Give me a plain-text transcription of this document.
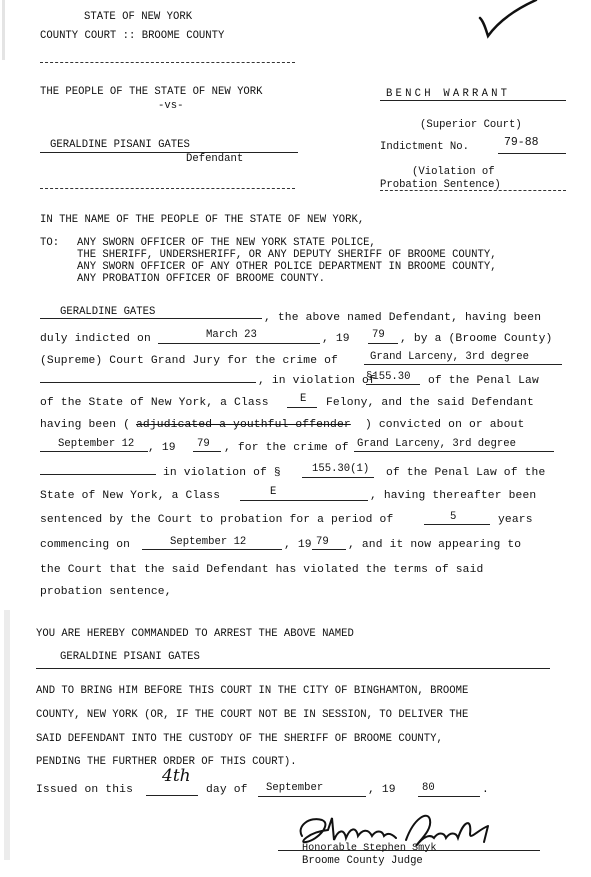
STATE OF NEW YORK
COUNTY COURT :: BROOME COUNTY
THE PEOPLE OF THE STATE OF NEW YORK
-vs-
GERALDINE PISANI GATES
Defendant
BENCH WARRANT
(Superior Court)
Indictment No.	79-88
(Violation of
Probation Sentence)
IN THE NAME OF THE PEOPLE OF THE STATE OF NEW YORK,
TO: ANY SWORN OFFICER OF THE NEW YORK STATE POLICE,
THE SHERIFF, UNDERSHERIFF, OR ANY DEPUTY SHERIFF OF BROOME COUNTY,
ANY SWORN OFFICER OF ANY OTHER POLICE DEPARTMENT IN BROOME COUNTY,
ANY PROBATION OFFICER OF BROOME COUNTY.
GERALDINE GATES	, the above named Defendant, having been
duly indicted on	March 23	, 19 79 , by a (Broome County)
(Supreme) Court Grand Jury for the crime of	Grand Larceny, 3rd degree
, in violation of
§155.30 of the Penal Law
of the State of New York, a Class	E Felony, and the said Defendant
having been ( adjudicated a youthful offender ) convicted on or about
September 12 , 19 79 , for the crime of Grand Larceny, 3rd degree
in violation of §	155.30(1) of the Penal Law of the
State of New York, a Class	E	, having thereafter been
sentenced by the Court to probation for a period of	5	years
commencing on	September 12	, 19 79 , and it now appearing to
the Court that the said Defendant has violated the terms of said
probation sentence,
YOU ARE HEREBY COMMANDED TO ARREST THE ABOVE NAMED
GERALDINE PISANI GATES
AND TO BRING HIM BEFORE THIS COURT IN THE CITY OF BINGHAMTON, BROOME
COUNTY, NEW YORK (OR, IF THE COURT NOT BE IN SESSION, TO DELIVER THE
SAID DEFENDANT INTO THE CUSTODY OF THE SHERIFF OF BROOME COUNTY,
PENDING THE FURTHER ORDER OF THIS COURT).
Issued on this
4th
day of September	, 19 80	.
Honorable Stephen Smyk
Broome County Judge
